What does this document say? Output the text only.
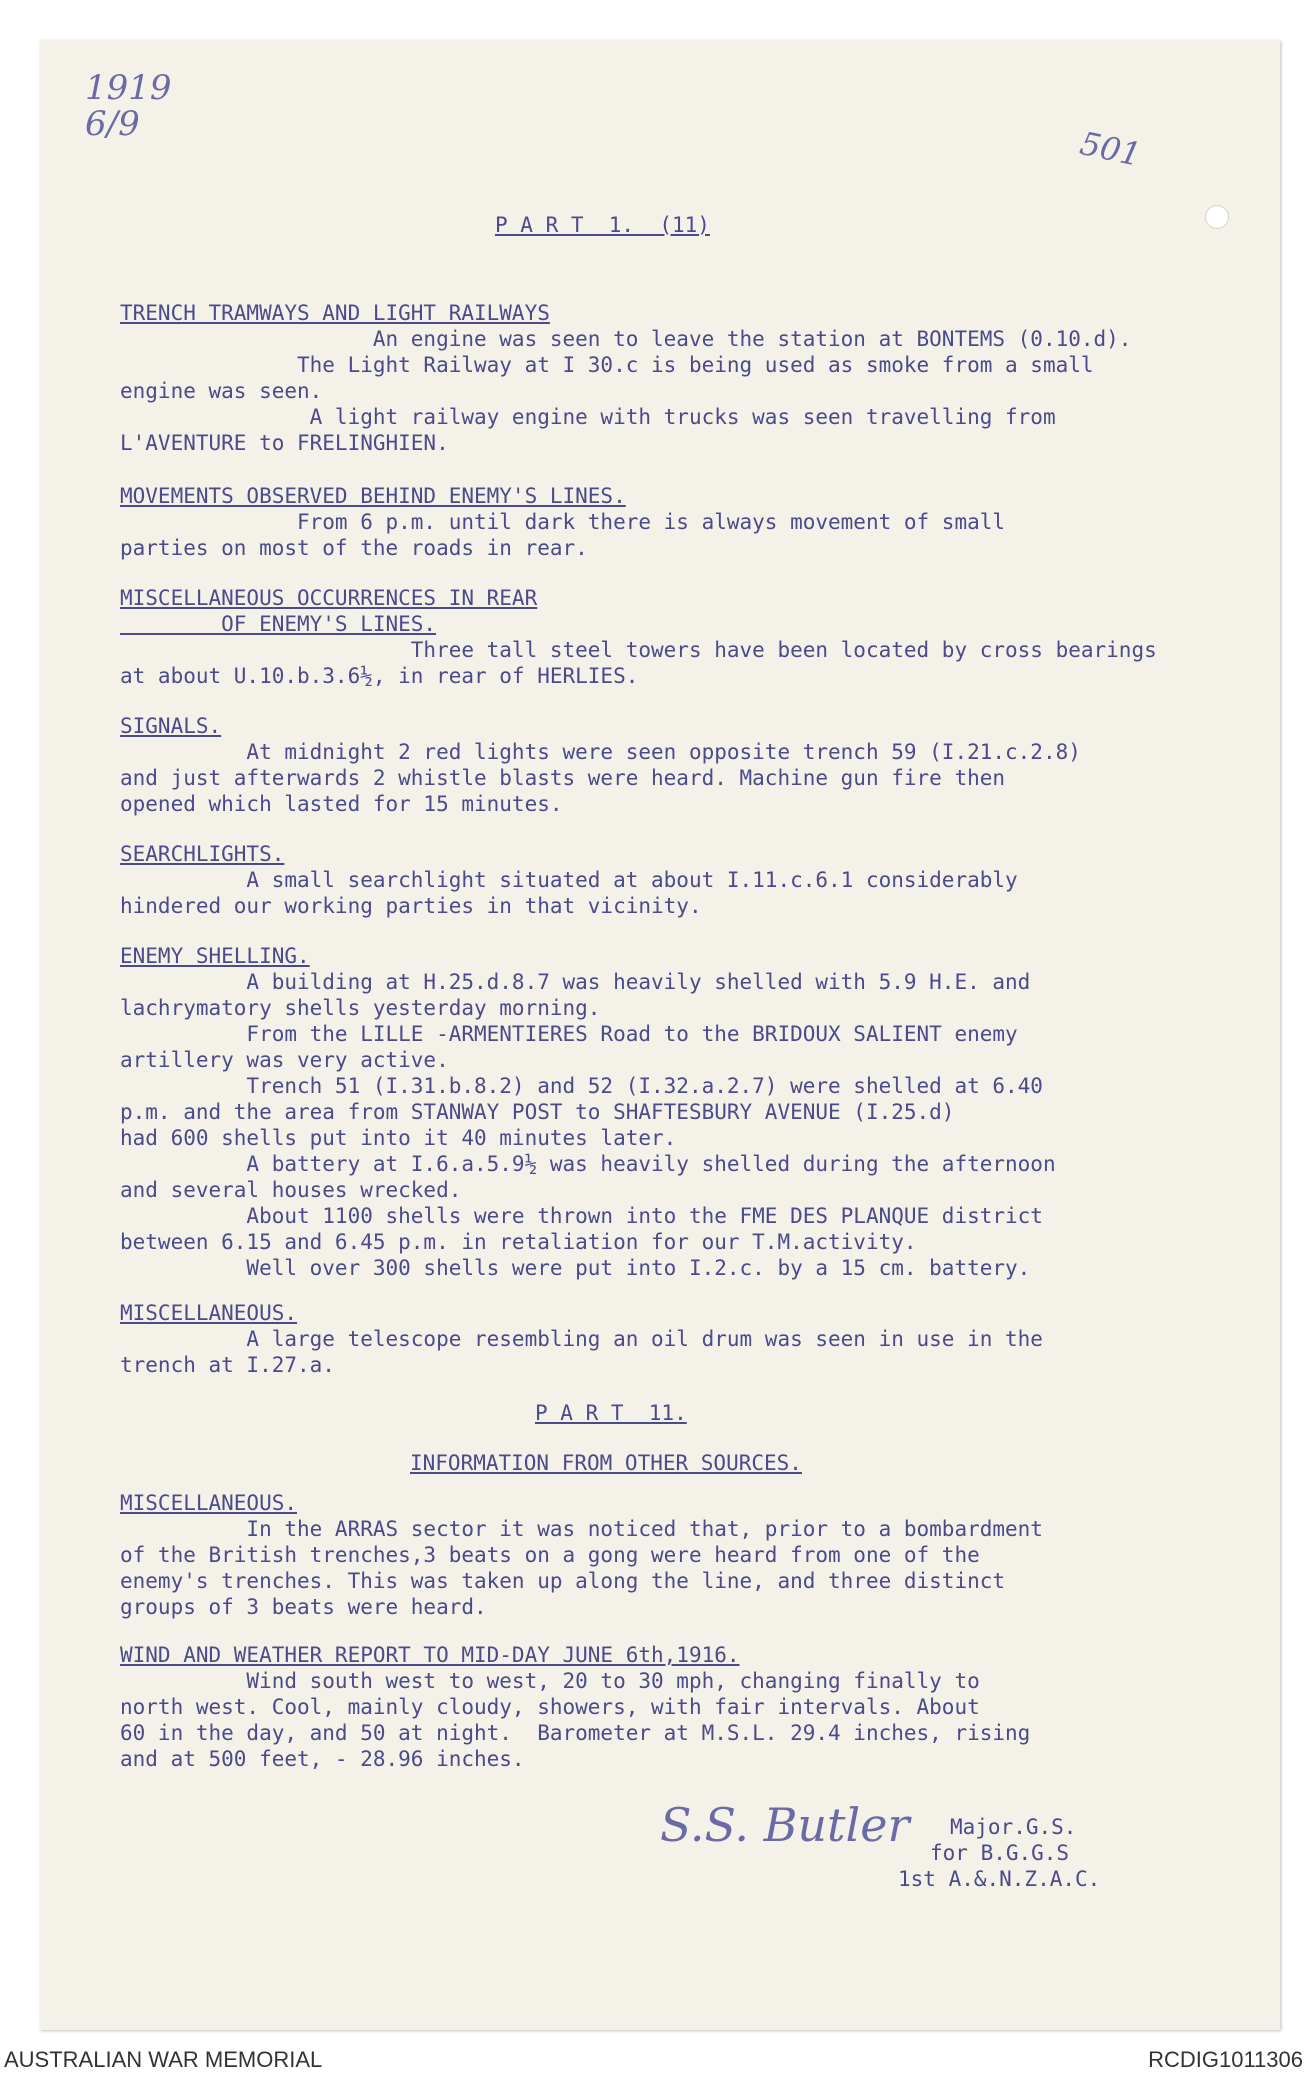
1919 6/9
501

P A R T  1.  (11)

TRENCH TRAMWAYS AND LIGHT RAILWAYS

An engine was seen to leave the station at BONTEMS (0.10.d).

The Light Railway at I 30.c is being used as smoke from a small

engine was seen.

A light railway engine with trucks was seen travelling from

L'AVENTURE to FRELINGHIEN.

MOVEMENTS OBSERVED BEHIND ENEMY'S LINES.

From 6 p.m. until dark there is always movement of small

parties on most of the roads in rear.

MISCELLANEOUS OCCURRENCES IN REAR
OF ENEMY'S LINES.

Three tall steel towers have been located by cross bearings

at about U.10.b.3.6½, in rear of HERLIES.

SIGNALS.

At midnight 2 red lights were seen opposite trench 59 (I.21.c.2.8)

and just afterwards 2 whistle blasts were heard. Machine gun fire then

opened which lasted for 15 minutes.

SEARCHLIGHTS.

A small searchlight situated at about I.11.c.6.1 considerably

hindered our working parties in that vicinity.

ENEMY SHELLING.

A building at H.25.d.8.7 was heavily shelled with 5.9 H.E. and

lachrymatory shells yesterday morning.

From the LILLE -ARMENTIERES Road to the BRIDOUX SALIENT enemy

artillery was very active.

Trench 51 (I.31.b.8.2) and 52 (I.32.a.2.7) were shelled at 6.40

p.m. and the area from STANWAY POST to SHAFTESBURY AVENUE (I.25.d)

had 600 shells put into it 40 minutes later.

A battery at I.6.a.5.9½ was heavily shelled during the afternoon

and several houses wrecked.

About 1100 shells were thrown into the FME DES PLANQUE district

between 6.15 and 6.45 p.m. in retaliation for our T.M.activity.

Well over 300 shells were put into I.2.c. by a 15 cm. battery.

MISCELLANEOUS.

A large telescope resembling an oil drum was seen in use in the

trench at I.27.a.

P A R T  11.

INFORMATION FROM OTHER SOURCES.

MISCELLANEOUS.

In the ARRAS sector it was noticed that, prior to a bombardment

of the British trenches,3 beats on a gong were heard from one of the

enemy's trenches. This was taken up along the line, and three distinct

groups of 3 beats were heard.

WIND AND WEATHER REPORT TO MID-DAY JUNE 6th,1916.

Wind south west to west, 20 to 30 mph, changing finally to

north west. Cool, mainly cloudy, showers, with fair intervals. About

60 in the day, and 50 at night.  Barometer at M.S.L. 29.4 inches, rising

and at 500 feet, - 28.96 inches.

S.S. Butler Major.G.S.

for B.G.G.S

1st A.&.N.Z.A.C.

AUSTRALIAN WAR MEMORIAL	RCDIG1011306
